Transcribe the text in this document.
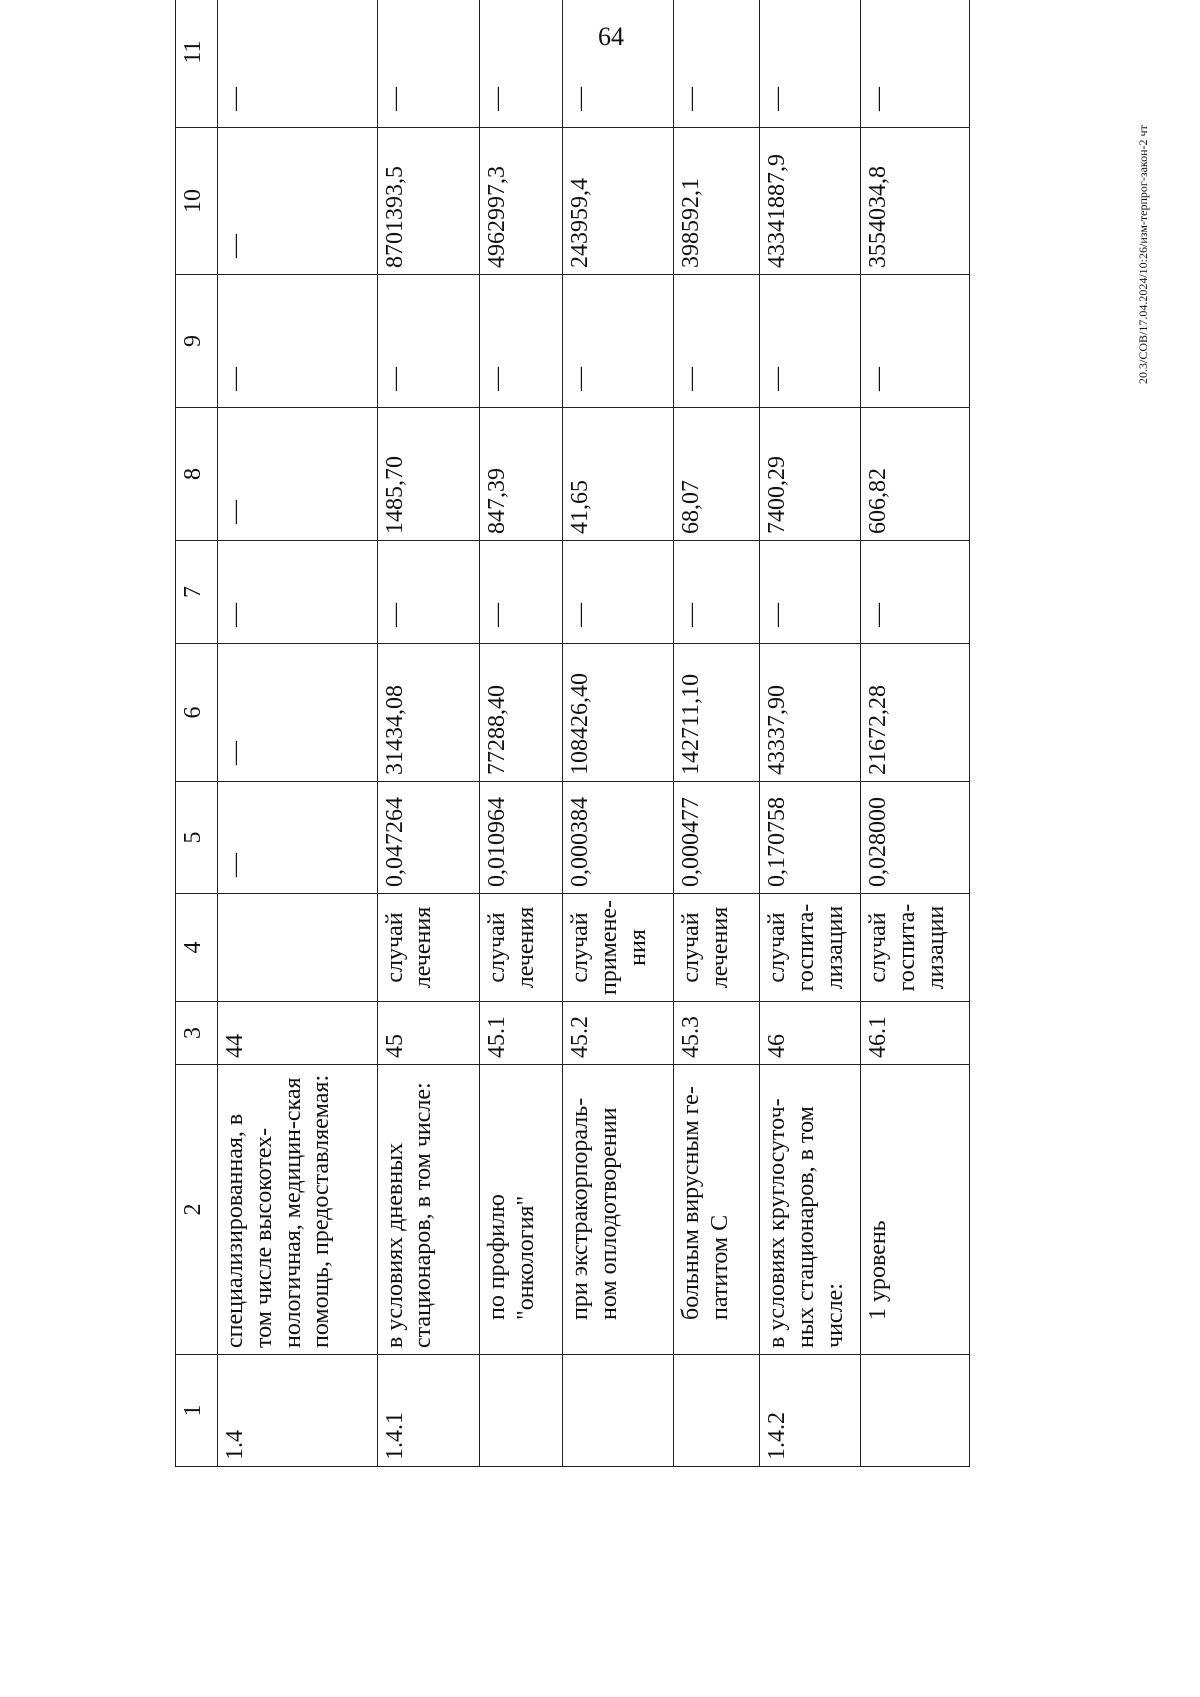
64
20.3/СОВ/17.04.2024/10:26/изм-терпрог-закон-2 чт
1	2	3	4	5	6	7	8	9	10	11
1.4	специализированная, в том числе высокотех-нологичная, медицин-ская помощь, предоставляемая:	44		—	—	—	—	—	—	—
1.4.1	в условиях дневных стационаров, в том числе:	45	случай лечения	0,047264	31434,08	—	1485,70	—	8701393,5	—
	по профилю "онкология"	45.1	случай лечения	0,010964	77288,40	—	847,39	—	4962997,3	—
	при экстракорпораль-ном оплодотворении	45.2	случай примене-ния	0,000384	108426,40	—	41,65	—	243959,4	—
	больным вирусным ге-патитом С	45.3	случай лечения	0,000477	142711,10	—	68,07	—	398592,1	—
1.4.2	в условиях круглосуточ-ных стационаров, в том числе:	46	случай госпита-лизации	0,170758	43337,90	—	7400,29	—	43341887,9	—
	1 уровень	46.1	случай госпита-лизации	0,028000	21672,28	—	606,82	—	3554034,8	—
